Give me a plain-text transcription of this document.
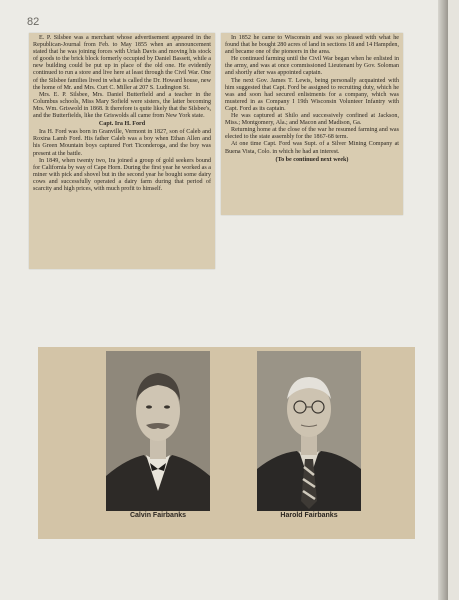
82

E. P. Silsbee was a merchant whose advertisement appeared in the Republican-Journal from Feb. to May 1855 when an announcement stated that he was joining forces with Uriah Davis and moving his stock of goods to the brick block formerly occupied by Daniel Bassett, while a new building could be put up in place of the old one. He evidently continued to run a store and live here at least through the Civil War. One of the Silsbee families lived in what is called the Dr. Howard house, new the home of Mr. and Mrs. Curt C. Miller at 207 S. Ludington St.

Mrs. E. P. Silsbee, Mrs. Daniel Butterfield and a teacher in the Columbus schools, Miss Mary Sofield were sisters, the latter becoming Mrs. Wm. Griswold in 1868. It therefore is quite likely that the Silsbee's, and the Butterfields, like the Griswolds all came from New York state.

Capt. Ira H. Ford

Ira H. Ford was born in Granville, Vermont in 1827, son of Caleb and Roxina Lamb Ford. His father Caleb was a boy when Ethan Allen and his Green Mountain boys captured Fort Ticonderoga, and the boy was present at the battle.

In 1849, when twenty two, Ira joined a group of gold seekers bound for California by way of Cape Horn. During the first year he worked as a miner with pick and shovel but in the second year he bought some dairy cows and successfully operated a dairy farm during that period of scarcity and high prices, with much profit to himself.

In 1852 he came to Wisconsin and was so pleased with what he found that he bought 280 acres of land in sections 18 and 14 Hampden, and became one of the pioneers in the area.

He continued farming until the Civil War began when he enlisted in the army, and was at once commissioned Lieutenant by Gov. Soloman and shortly after was appointed captain.

The next Gov. James T. Lewis, being personally acquainted with him suggested that Capt. Ford be assigned to recruiting duty, which he was and soon had secured enlistments for a company, which was mustered in as Company I 19th Wisconsin Volunteer Infantry with Capt. Ford as its captain.

He was captured at Shilo and successively confined at Jackson, Miss.; Montgomery, Ala.; and Macon and Madison, Ga.

Returning home at the close of the war he resumed farming and was elected to the state assembly for the 1867-68 term.

At one time Capt. Ford was Supt. of a Silver Mining Company at Buena Vista, Colo. in which he had an interest.

(To be continued next week)

Calvin Fairbanks	Harold Fairbanks
